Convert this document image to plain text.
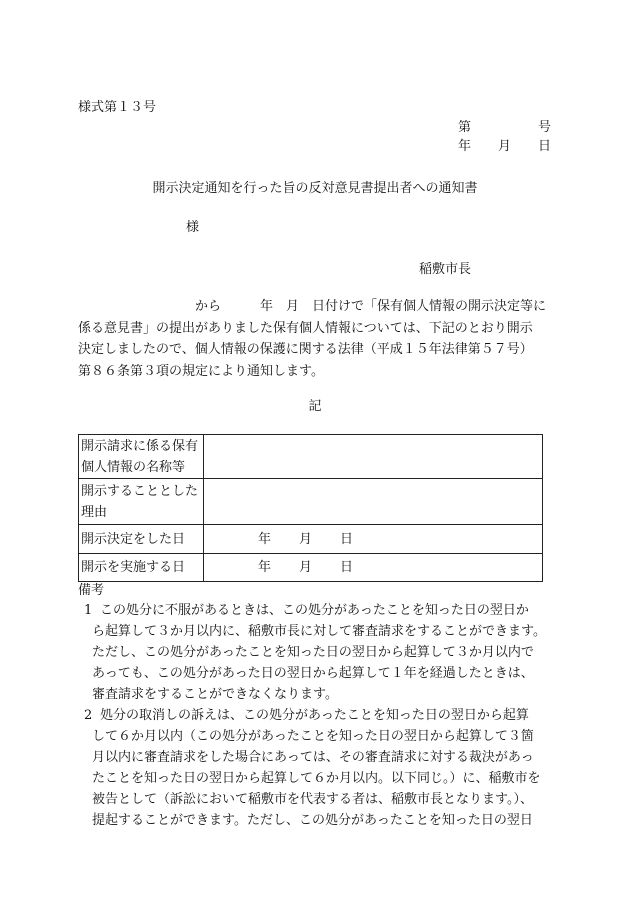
様式第１３号
第	号
年 月 日
開示決定通知を行った旨の反対意見書提出者への通知書
様
稲敷市長
　　　　　　　　　から　　　年　月　日付けで「保有個人情報の開示決定等に
係る意見書」の提出がありました保有個人情報については、下記のとおり開示
決定しましたので、個人情報の保護に関する法律（平成１５年法律第５７号）
第８６条第３項の規定により通知します。
記
開示請求に係る保有
個人情報の名称等	

開示することとした
理由	

開示決定をした日	年 月 日

開示を実施する日	年 月 日
備考
1 この処分に不服があるときは、この処分があったことを知った日の翌日か
ら起算して３か月以内に、稲敷市長に対して審査請求をすることができます。
ただし、この処分があったことを知った日の翌日から起算して３か月以内で
あっても、この処分があった日の翌日から起算して１年を経過したときは、
審査請求をすることができなくなります。
2 処分の取消しの訴えは、この処分があったことを知った日の翌日から起算
して６か月以内（この処分があったことを知った日の翌日から起算して３箇
月以内に審査請求をした場合にあっては、その審査請求に対する裁決があっ
たことを知った日の翌日から起算して６か月以内。以下同じ。）に、稲敷市を
被告として（訴訟において稲敷市を代表する者は、稲敷市長となります。）、
提起することができます。ただし、この処分があったことを知った日の翌日
